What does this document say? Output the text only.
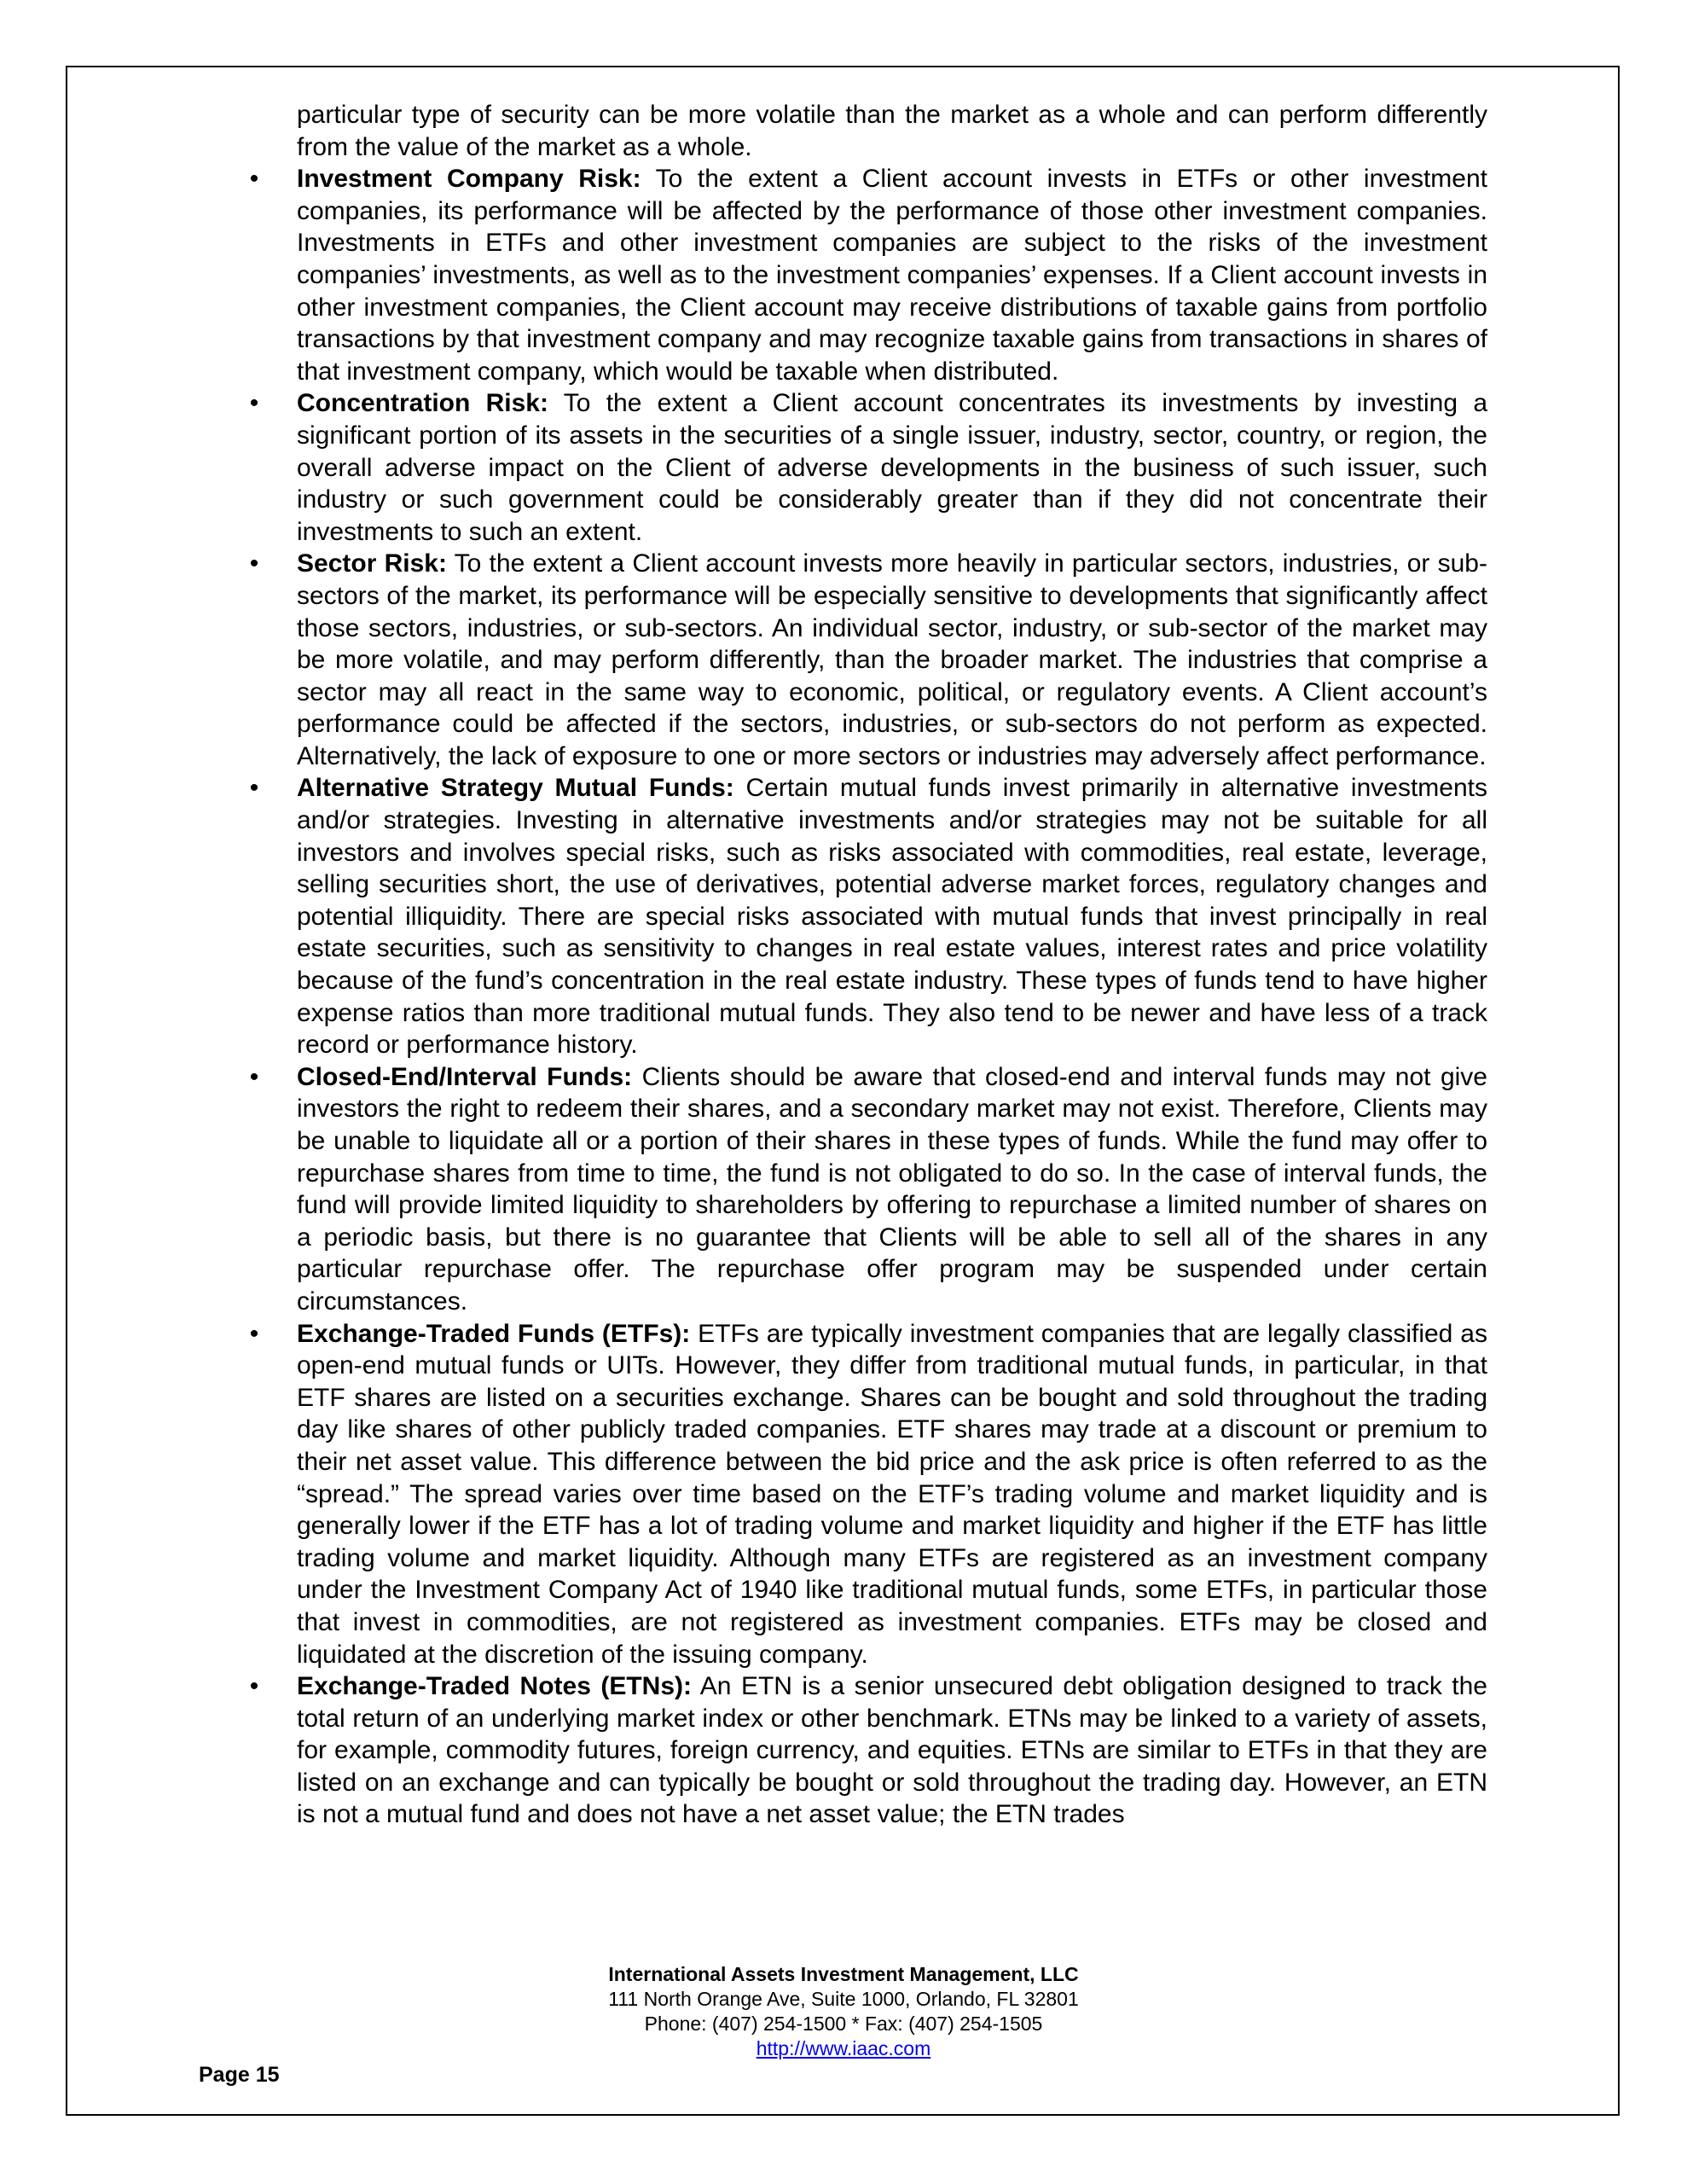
particular type of security can be more volatile than the market as a whole and can perform differently from the value of the market as a whole.

• Investment Company Risk: To the extent a Client account invests in ETFs or other investment companies, its performance will be affected by the performance of those other investment companies. Investments in ETFs and other investment companies are subject to the risks of the investment companies’ investments, as well as to the investment companies’ expenses. If a Client account invests in other investment companies, the Client account may receive distributions of taxable gains from portfolio transactions by that investment company and may recognize taxable gains from transactions in shares of that investment company, which would be taxable when distributed.
• Concentration Risk: To the extent a Client account concentrates its investments by investing a significant portion of its assets in the securities of a single issuer, industry, sector, country, or region, the overall adverse impact on the Client of adverse developments in the business of such issuer, such industry or such government could be considerably greater than if they did not concentrate their investments to such an extent.
• Sector Risk: To the extent a Client account invests more heavily in particular sectors, industries, or sub-sectors of the market, its performance will be especially sensitive to developments that significantly affect those sectors, industries, or sub-sectors. An individual sector, industry, or sub-sector of the market may be more volatile, and may perform differently, than the broader market. The industries that comprise a sector may all react in the same way to economic, political, or regulatory events. A Client account’s performance could be affected if the sectors, industries, or sub-sectors do not perform as expected. Alternatively, the lack of exposure to one or more sectors or industries may adversely affect performance.
• Alternative Strategy Mutual Funds: Certain mutual funds invest primarily in alternative investments and/or strategies. Investing in alternative investments and/or strategies may not be suitable for all investors and involves special risks, such as risks associated with commodities, real estate, leverage, selling securities short, the use of derivatives, potential adverse market forces, regulatory changes and potential illiquidity. There are special risks associated with mutual funds that invest principally in real estate securities, such as sensitivity to changes in real estate values, interest rates and price volatility because of the fund’s concentration in the real estate industry. These types of funds tend to have higher expense ratios than more traditional mutual funds. They also tend to be newer and have less of a track record or performance history.
• Closed-End/Interval Funds: Clients should be aware that closed-end and interval funds may not give investors the right to redeem their shares, and a secondary market may not exist. Therefore, Clients may be unable to liquidate all or a portion of their shares in these types of funds. While the fund may offer to repurchase shares from time to time, the fund is not obligated to do so. In the case of interval funds, the fund will provide limited liquidity to shareholders by offering to repurchase a limited number of shares on a periodic basis, but there is no guarantee that Clients will be able to sell all of the shares in any particular repurchase offer. The repurchase offer program may be suspended under certain circumstances.
• Exchange-Traded Funds (ETFs): ETFs are typically investment companies that are legally classified as open-end mutual funds or UITs. However, they differ from traditional mutual funds, in particular, in that ETF shares are listed on a securities exchange. Shares can be bought and sold throughout the trading day like shares of other publicly traded companies. ETF shares may trade at a discount or premium to their net asset value. This difference between the bid price and the ask price is often referred to as the “spread.” The spread varies over time based on the ETF’s trading volume and market liquidity and is generally lower if the ETF has a lot of trading volume and market liquidity and higher if the ETF has little trading volume and market liquidity. Although many ETFs are registered as an investment company under the Investment Company Act of 1940 like traditional mutual funds, some ETFs, in particular those that invest in commodities, are not registered as investment companies. ETFs may be closed and liquidated at the discretion of the issuing company.
• Exchange-Traded Notes (ETNs): An ETN is a senior unsecured debt obligation designed to track the total return of an underlying market index or other benchmark. ETNs may be linked to a variety of assets, for example, commodity futures, foreign currency, and equities. ETNs are similar to ETFs in that they are listed on an exchange and can typically be bought or sold throughout the trading day. However, an ETN is not a mutual fund and does not have a net asset value; the ETN trades
International Assets Investment Management, LLC
111 North Orange Ave, Suite 1000, Orlando, FL 32801
Phone: (407) 254-1500 * Fax: (407) 254-1505
http://www.iaac.com
Page 15
